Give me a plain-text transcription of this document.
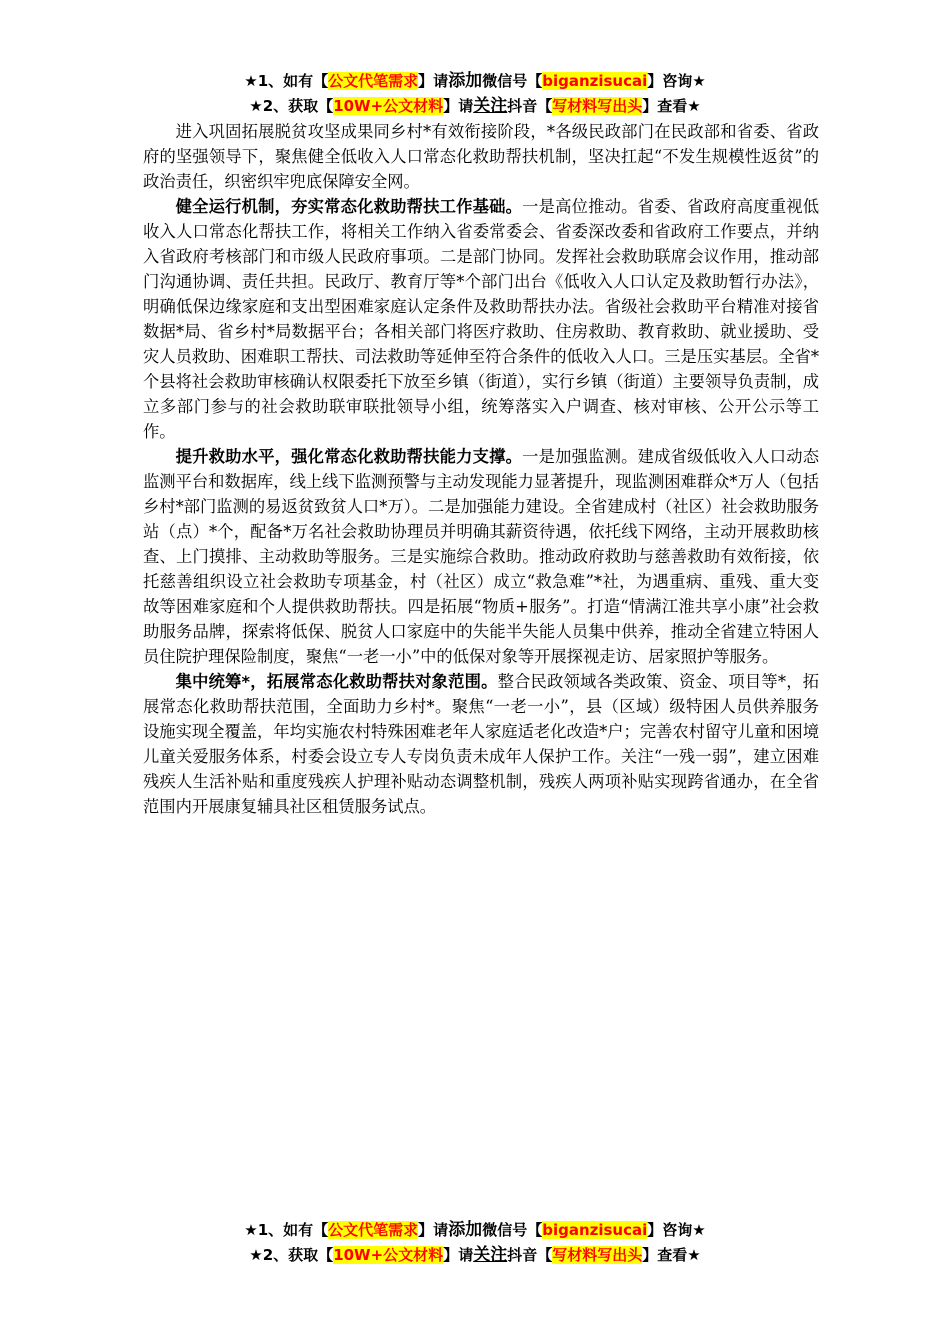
★1、如有【公文代笔需求】请添加微信号【biganzisucai】咨询★
★2、获取【10W+公文材料】请关注抖音【写材料写出头】查看★

进入巩固拓展脱贫攻坚成果同乡村*有效衔接阶段，*各级民政部门在民政部和省委、省政府的坚强领导下，聚焦健全低收入人口常态化救助帮扶机制，坚决扛起“不发生规模性返贫”的政治责任，织密织牢兜底保障安全网。

健全运行机制，夯实常态化救助帮扶工作基础。一是高位推动。省委、省政府高度重视低收入人口常态化帮扶工作，将相关工作纳入省委常委会、省委深改委和省政府工作要点，并纳入省政府考核部门和市级人民政府事项。二是部门协同。发挥社会救助联席会议作用，推动部门沟通协调、责任共担。民政厅、教育厅等*个部门出台《低收入人口认定及救助暂行办法》，明确低保边缘家庭和支出型困难家庭认定条件及救助帮扶办法。省级社会救助平台精准对接省数据*局、省乡村*局数据平台；各相关部门将医疗救助、住房救助、教育救助、就业援助、受灾人员救助、困难职工帮扶、司法救助等延伸至符合条件的低收入人口。三是压实基层。全省*个县将社会救助审核确认权限委托下放至乡镇（街道），实行乡镇（街道）主要领导负责制，成立多部门参与的社会救助联审联批领导小组，统筹落实入户调查、核对审核、公开公示等工作。

提升救助水平，强化常态化救助帮扶能力支撑。一是加强监测。建成省级低收入人口动态监测平台和数据库，线上线下监测预警与主动发现能力显著提升，现监测困难群众*万人（包括乡村*部门监测的易返贫致贫人口*万）。二是加强能力建设。全省建成村（社区）社会救助服务站（点）*个，配备*万名社会救助协理员并明确其薪资待遇，依托线下网络，主动开展救助核查、上门摸排、主动救助等服务。三是实施综合救助。推动政府救助与慈善救助有效衔接，依托慈善组织设立社会救助专项基金，村（社区）成立“救急难”*社，为遇重病、重残、重大变故等困难家庭和个人提供救助帮扶。四是拓展“物质+服务”。打造“情满江淮共享小康”社会救助服务品牌，探索将低保、脱贫人口家庭中的失能半失能人员集中供养，推动全省建立特困人员住院护理保险制度，聚焦“一老一小”中的低保对象等开展探视走访、居家照护等服务。

集中统筹*，拓展常态化救助帮扶对象范围。整合民政领域各类政策、资金、项目等*，拓展常态化救助帮扶范围，全面助力乡村*。聚焦“一老一小”，县（区域）级特困人员供养服务设施实现全覆盖，年均实施农村特殊困难老年人家庭适老化改造*户；完善农村留守儿童和困境儿童关爱服务体系，村委会设立专人专岗负责未成年人保护工作。关注“一残一弱”，建立困难残疾人生活补贴和重度残疾人护理补贴动态调整机制，残疾人两项补贴实现跨省通办，在全省范围内开展康复辅具社区租赁服务试点。

★1、如有【公文代笔需求】请添加微信号【biganzisucai】咨询★
★2、获取【10W+公文材料】请关注抖音【写材料写出头】查看★
